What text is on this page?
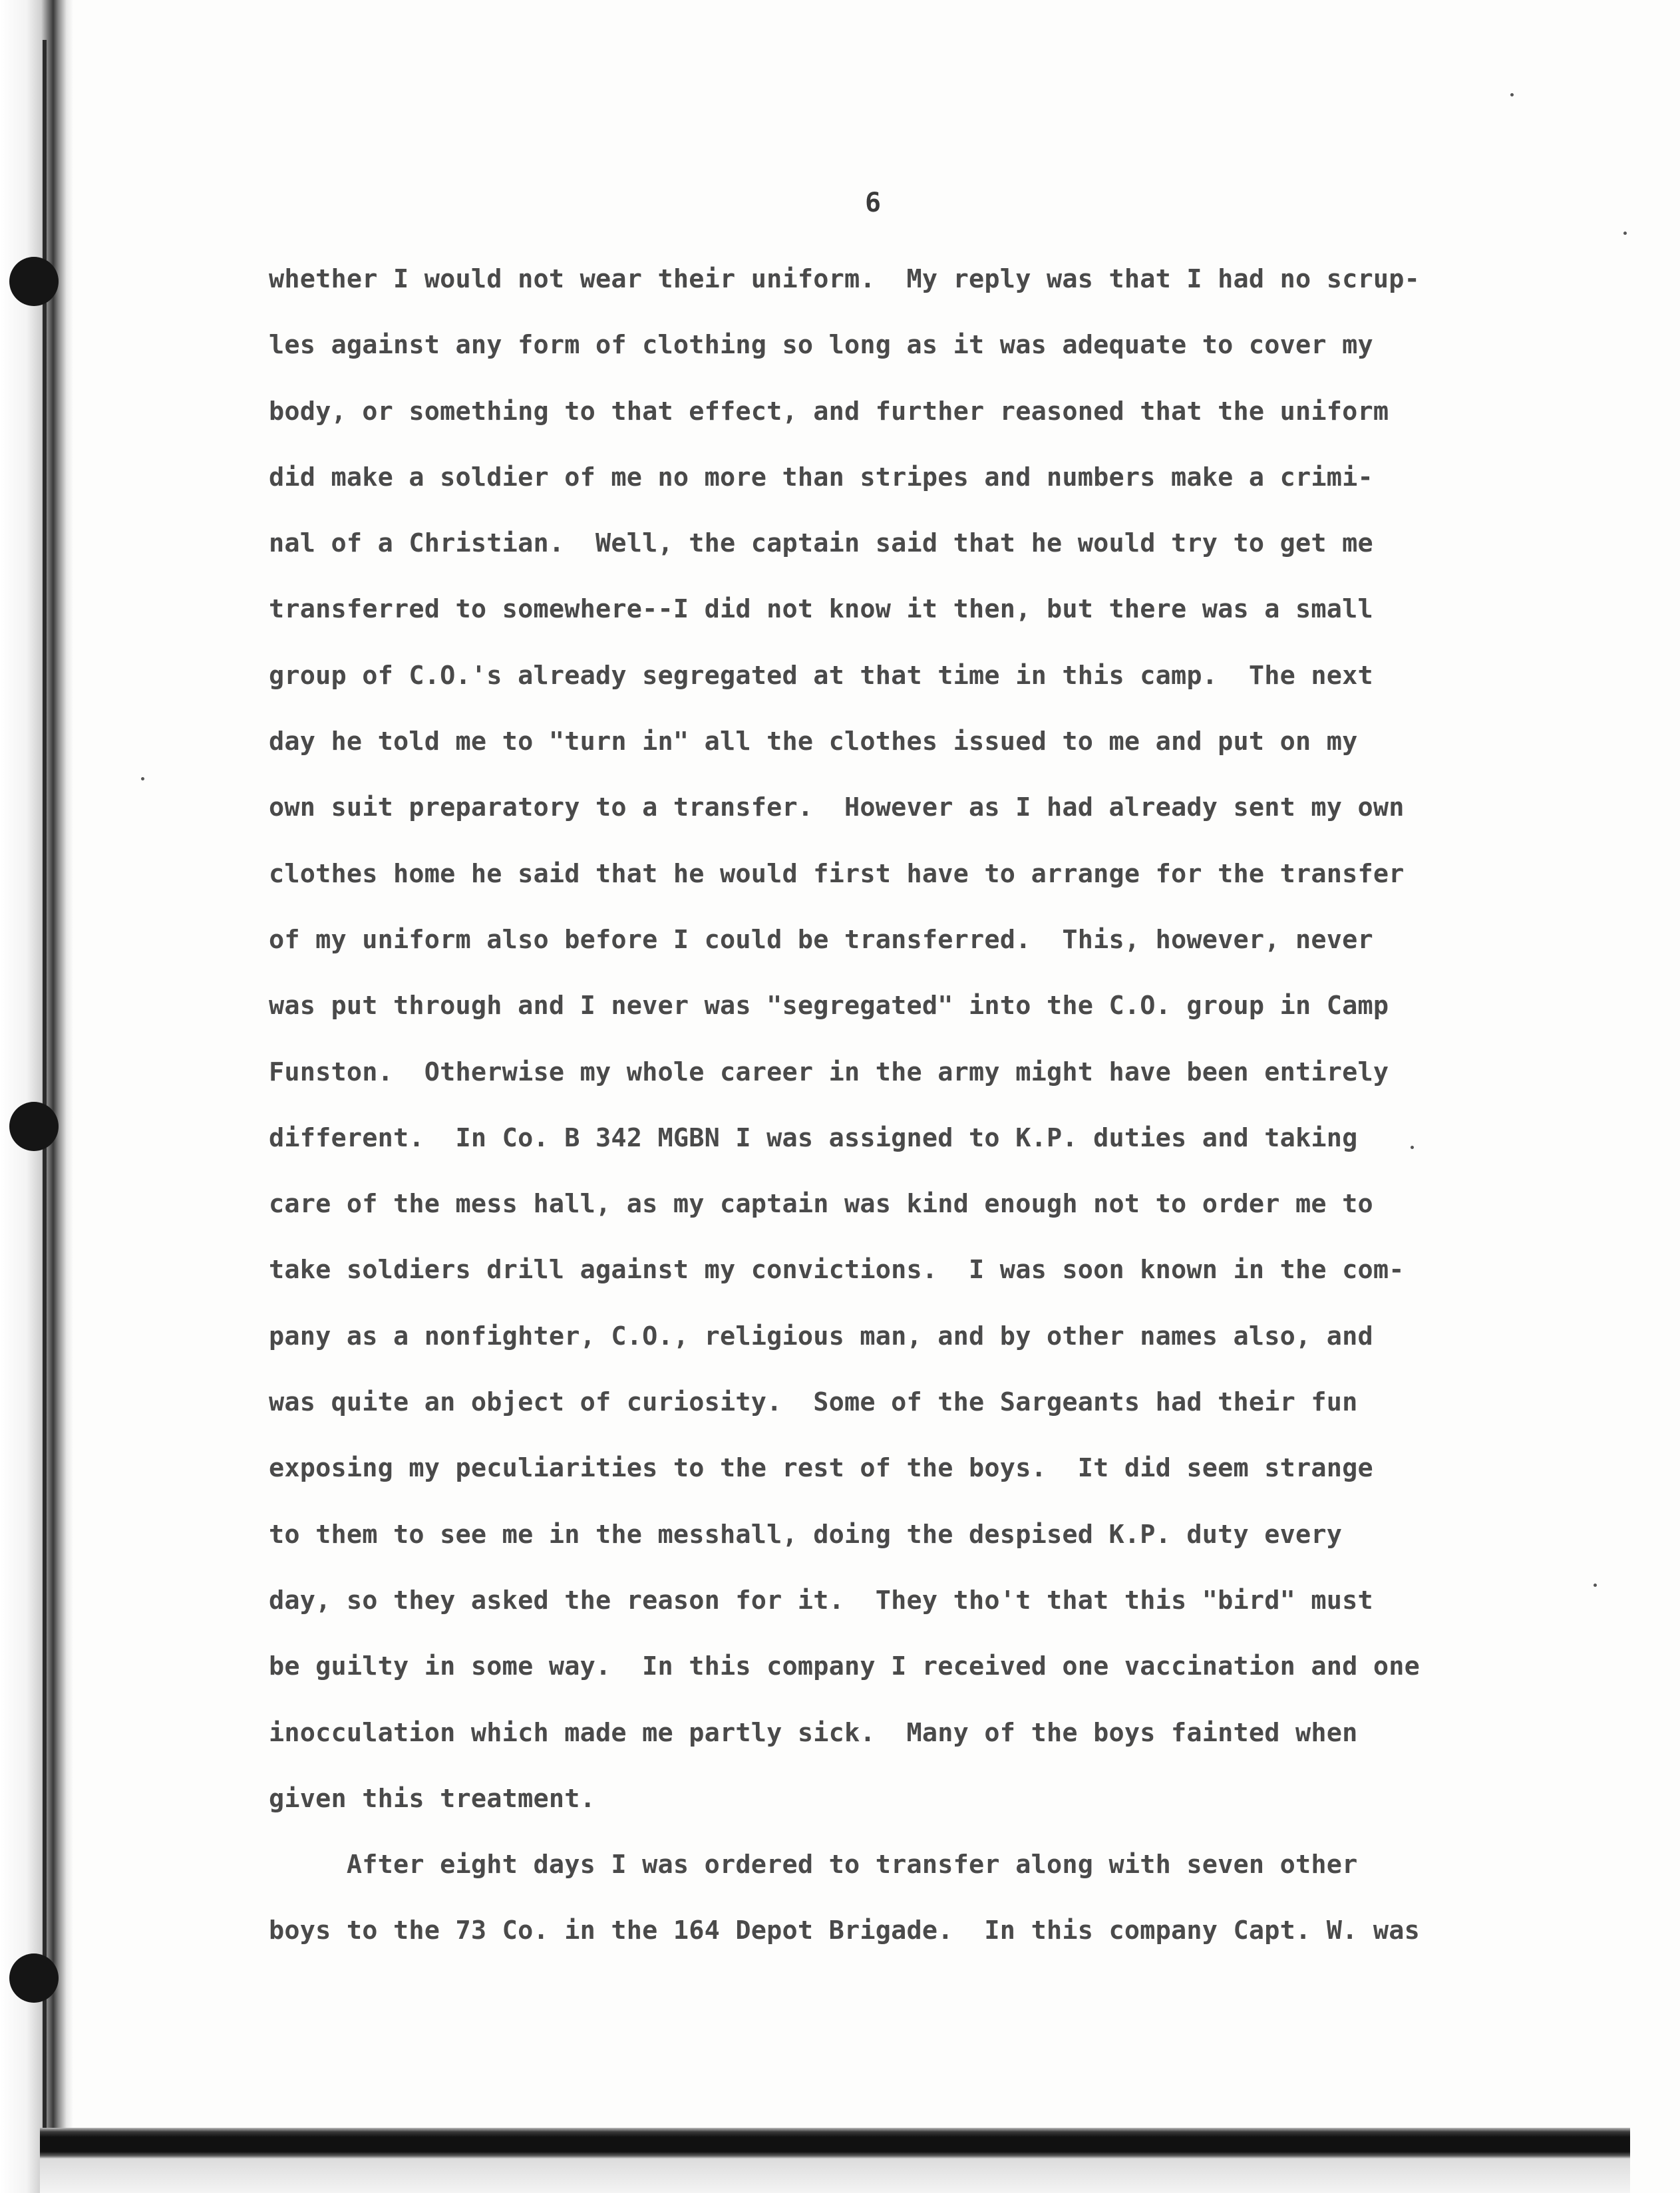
6
whether I would not wear their uniform.  My reply was that I had no scrup-
les against any form of clothing so long as it was adequate to cover my
body, or something to that effect, and further reasoned that the uniform
did make a soldier of me no more than stripes and numbers make a crimi-
nal of a Christian.  Well, the captain said that he would try to get me
transferred to somewhere--I did not know it then, but there was a small
group of C.O.'s already segregated at that time in this camp.  The next
day he told me to "turn in" all the clothes issued to me and put on my
own suit preparatory to a transfer.  However as I had already sent my own
clothes home he said that he would first have to arrange for the transfer
of my uniform also before I could be transferred.  This, however, never
was put through and I never was "segregated" into the C.O. group in Camp
Funston.  Otherwise my whole career in the army might have been entirely
different.  In Co. B 342 MGBN I was assigned to K.P. duties and taking
care of the mess hall, as my captain was kind enough not to order me to
take soldiers drill against my convictions.  I was soon known in the com-
pany as a nonfighter, C.O., religious man, and by other names also, and
was quite an object of curiosity.  Some of the Sargeants had their fun
exposing my peculiarities to the rest of the boys.  It did seem strange
to them to see me in the messhall, doing the despised K.P. duty every
day, so they asked the reason for it.  They tho't that this "bird" must
be guilty in some way.  In this company I received one vaccination and one
inocculation which made me partly sick.  Many of the boys fainted when
given this treatment.
After eight days I was ordered to transfer along with seven other
boys to the 73 Co. in the 164 Depot Brigade.  In this company Capt. W. was
